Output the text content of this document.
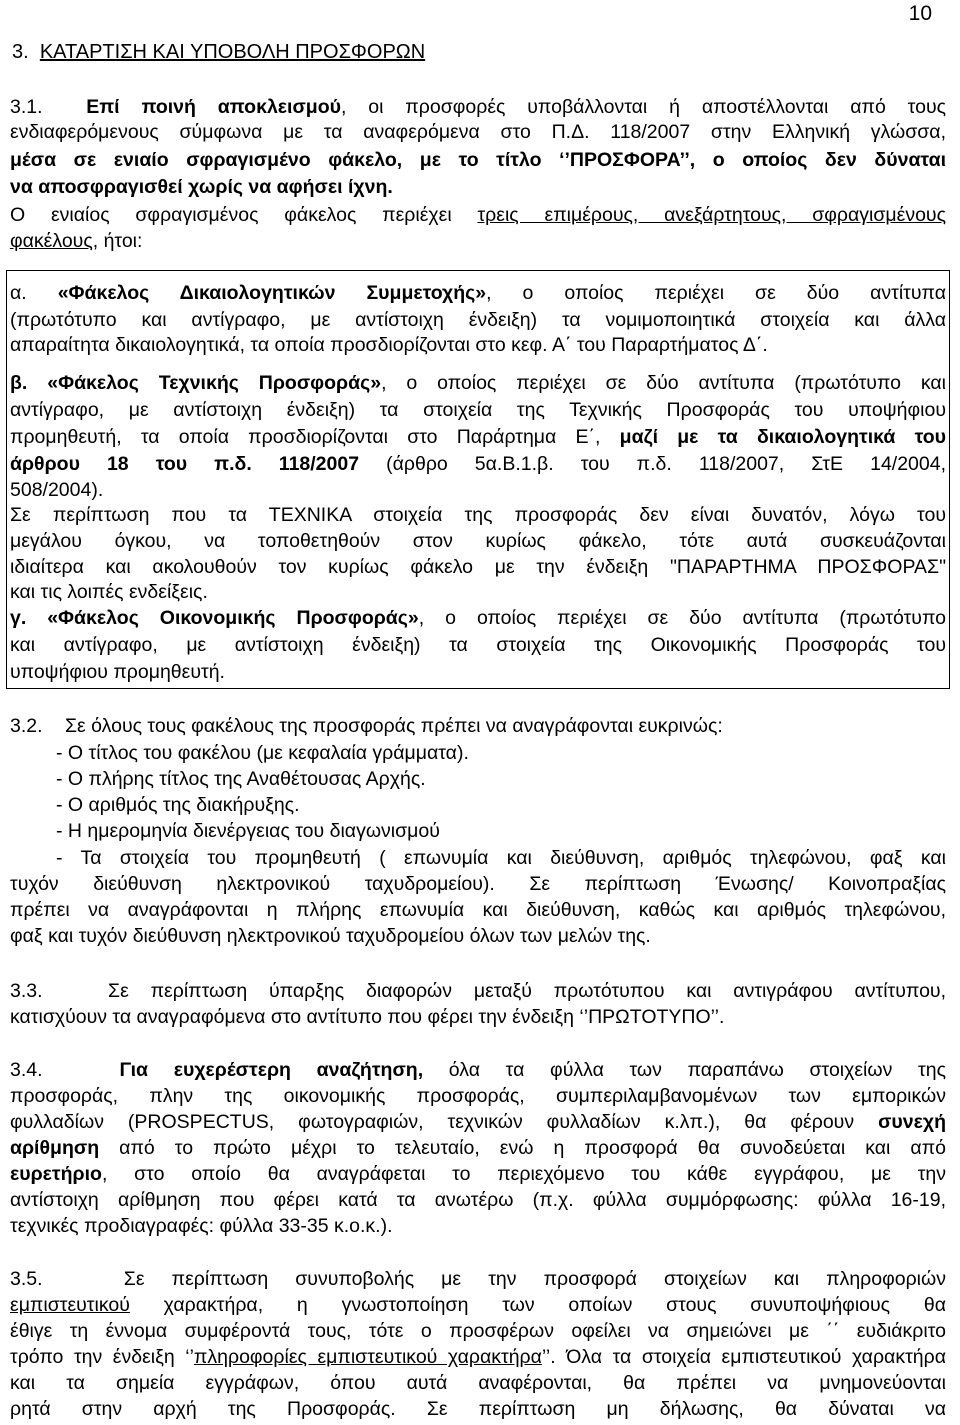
10
3. ΚΑΤΑΡΤΙΣΗ ΚΑΙ ΥΠΟΒΟΛΗ ΠΡΟΣΦΟΡΩΝ
3.1. Επί ποινή αποκλεισμού, οι προσφορές υποβάλλονται ή αποστέλλονται από τους
ενδιαφερόμενους σύμφωνα με τα αναφερόμενα στο Π.Δ. 118/2007 στην Ελληνική γλώσσα,
μέσα σε ενιαίο σφραγισμένο φάκελο, με το τίτλο ‘’ΠΡΟΣΦΟΡΑ’’, ο οποίος δεν δύναται
να αποσφραγισθεί χωρίς να αφήσει ίχνη.
Ο ενιαίος σφραγισμένος φάκελος περιέχει τρεις επιμέρους, ανεξάρτητους, σφραγισμένους
φακέλους, ήτοι:
α. «Φάκελος Δικαιολογητικών Συμμετοχής», ο οποίος περιέχει σε δύο αντίτυπα
(πρωτότυπο και αντίγραφο, με αντίστοιχη ένδειξη) τα νομιμοποιητικά στοιχεία και άλλα
απαραίτητα δικαιολογητικά, τα οποία προσδιορίζονται στο κεφ. Α΄ του Παραρτήματος Δ΄.
β. «Φάκελος Τεχνικής Προσφοράς», ο οποίος περιέχει σε δύο αντίτυπα (πρωτότυπο και
αντίγραφο, με αντίστοιχη ένδειξη) τα στοιχεία της Τεχνικής Προσφοράς του υποψήφιου
προμηθευτή, τα οποία προσδιορίζονται στο Παράρτημα Ε΄, μαζί με τα δικαιολογητικά του
άρθρου 18 του π.δ. 118/2007 (άρθρο 5α.Β.1.β. του π.δ. 118/2007, ΣτΕ 14/2004,
508/2004).
Σε περίπτωση που τα ΤΕΧΝΙΚΑ στοιχεία της προσφοράς δεν είναι δυνατόν, λόγω του
μεγάλου όγκου, να τοποθετηθούν στον κυρίως φάκελο, τότε αυτά συσκευάζονται
ιδιαίτερα και ακολουθούν τον κυρίως φάκελο με την ένδειξη "ΠΑΡΑΡΤΗΜΑ ΠΡΟΣΦΟΡΑΣ"
και τις λοιπές ενδείξεις.
γ. «Φάκελος Οικονομικής Προσφοράς», ο οποίος περιέχει σε δύο αντίτυπα (πρωτότυπο
και αντίγραφο, με αντίστοιχη ένδειξη) τα στοιχεία της Οικονομικής Προσφοράς του
υποψήφιου προμηθευτή.
3.2. Σε όλους τους φακέλους της προσφοράς πρέπει να αναγράφονται ευκρινώς:
- Ο τίτλος του φακέλου (με κεφαλαία γράμματα).
- Ο πλήρης τίτλος της Αναθέτουσας Αρχής.
- Ο αριθμός της διακήρυξης.
- Η ημερομηνία διενέργειας του διαγωνισμού
- Τα στοιχεία του προμηθευτή ( επωνυμία και διεύθυνση, αριθμός τηλεφώνου, φαξ και
τυχόν διεύθυνση ηλεκτρονικού ταχυδρομείου). Σε περίπτωση Ένωσης/ Κοινοπραξίας
πρέπει να αναγράφονται η πλήρης επωνυμία και διεύθυνση, καθώς και αριθμός τηλεφώνου,
φαξ και τυχόν διεύθυνση ηλεκτρονικού ταχυδρομείου όλων των μελών της.
3.3.	Σε περίπτωση ύπαρξης διαφορών μεταξύ πρωτότυπου και αντιγράφου αντίτυπου,
κατισχύουν τα αναγραφόμενα στο αντίτυπο που φέρει την ένδειξη ‘’ΠΡΩΤΟΤΥΠΟ’’.
3.4.	Για ευχερέστερη αναζήτηση, όλα τα φύλλα των παραπάνω στοιχείων της
προσφοράς, πλην της οικονομικής προσφοράς, συμπεριλαμβανομένων των εμπορικών
φυλλαδίων (PROSPECTUS, φωτογραφιών, τεχνικών φυλλαδίων κ.λπ.), θα φέρουν συνεχή
αρίθμηση από το πρώτο μέχρι το τελευταίο, ενώ η προσφορά θα συνοδεύεται και από
ευρετήριο, στο οποίο θα αναγράφεται το περιεχόμενο του κάθε εγγράφου, με την
αντίστοιχη αρίθμηση που φέρει κατά τα ανωτέρω (π.χ. φύλλα συμμόρφωσης: φύλλα 16-19,
τεχνικές προδιαγραφές: φύλλα 33-35 κ.ο.κ.).
3.5.	Σε περίπτωση συνυποβολής με την προσφορά στοιχείων και πληροφοριών
εμπιστευτικού χαρακτήρα, η γνωστοποίηση των οποίων στους συνυποψήφιους θα
έθιγε τη έννομα συμφέροντά τους, τότε ο προσφέρων οφείλει να σημειώνει με ΄΄ ευδιάκριτο
τρόπο την ένδειξη ‘’πληροφορίες εμπιστευτικού χαρακτήρα’’. Όλα τα στοιχεία εμπιστευτικού χαρακτήρα
και τα σημεία εγγράφων, όπου αυτά αναφέρονται, θα πρέπει να μνημονεύονται
ρητά στην αρχή της Προσφοράς. Σε περίπτωση μη δήλωσης, θα δύναται να
